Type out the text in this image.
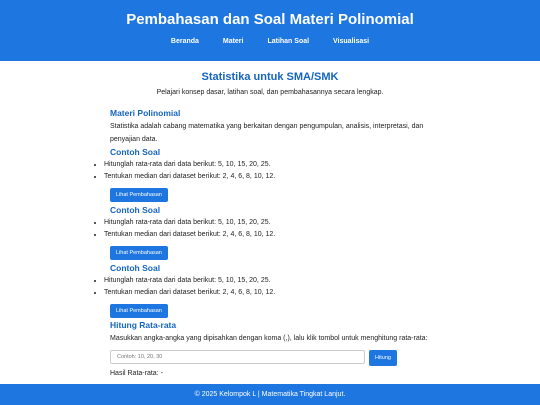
Pembahasan dan Soal Materi Polinomial
Beranda	Materi	Latihan Soal	Visualisasi
Statistika untuk SMA/SMK
Pelajari konsep dasar, latihan soal, dan pembahasannya secara lengkap.
Materi Polinomial
Statistika adalah cabang matematika yang berkaitan dengan pengumpulan, analisis, interpretasi, dan penyajian data.
Contoh Soal
• Hitunglah rata-rata dari data berikut: 5, 10, 15, 20, 25.
• Tentukan median dari dataset berikut: 2, 4, 6, 8, 10, 12.
Lihat Pembahasan
Contoh Soal
• Hitunglah rata-rata dari data berikut: 5, 10, 15, 20, 25.
• Tentukan median dari dataset berikut: 2, 4, 6, 8, 10, 12.
Lihat Pembahasan
Contoh Soal
• Hitunglah rata-rata dari data berikut: 5, 10, 15, 20, 25.
• Tentukan median dari dataset berikut: 2, 4, 6, 8, 10, 12.
Lihat Pembahasan
Hitung Rata-rata
Masukkan angka-angka yang dipisahkan dengan koma (,), lalu klik tombol untuk menghitung rata-rata:
Contoh: 10, 20, 30
Hitung
Hasil Rata-rata: -
© 2025 Kelompok L | Matematika Tingkat Lanjut.
